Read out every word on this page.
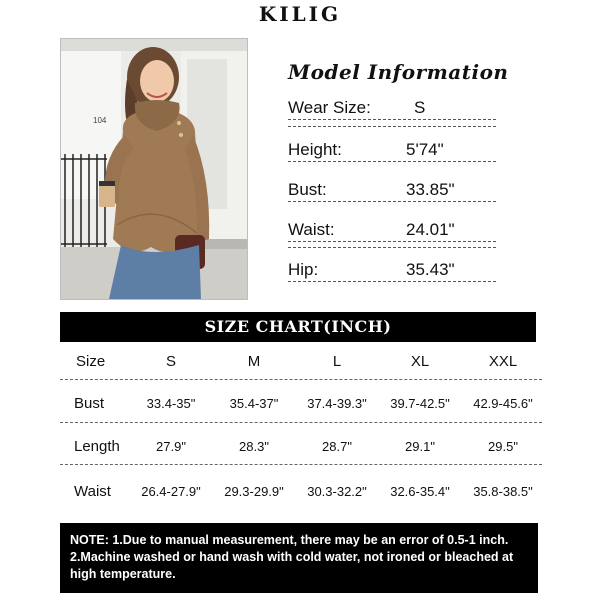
KILIG
104
Model Information
Wear Size:	S
Height:	5'74"
Bust:	33.85"
Waist:	24.01"
Hip:	35.43"
SIZE CHART(INCH)
Size	S	M	L	XL	XXL
Bust	33.4-35"	35.4-37"	37.4-39.3"	39.7-42.5"	42.9-45.6"
Length	27.9"	28.3"	28.7"	29.1"	29.5"
Waist	26.4-27.9" 29.3-29.9"	30.3-32.2"	32.6-35.4"	35.8-38.5"
NOTE: 1.Due to manual measurement, there may be an error of 0.5-1 inch.
2.Machine washed or hand wash with cold water, not ironed or bleached at
high temperature.
